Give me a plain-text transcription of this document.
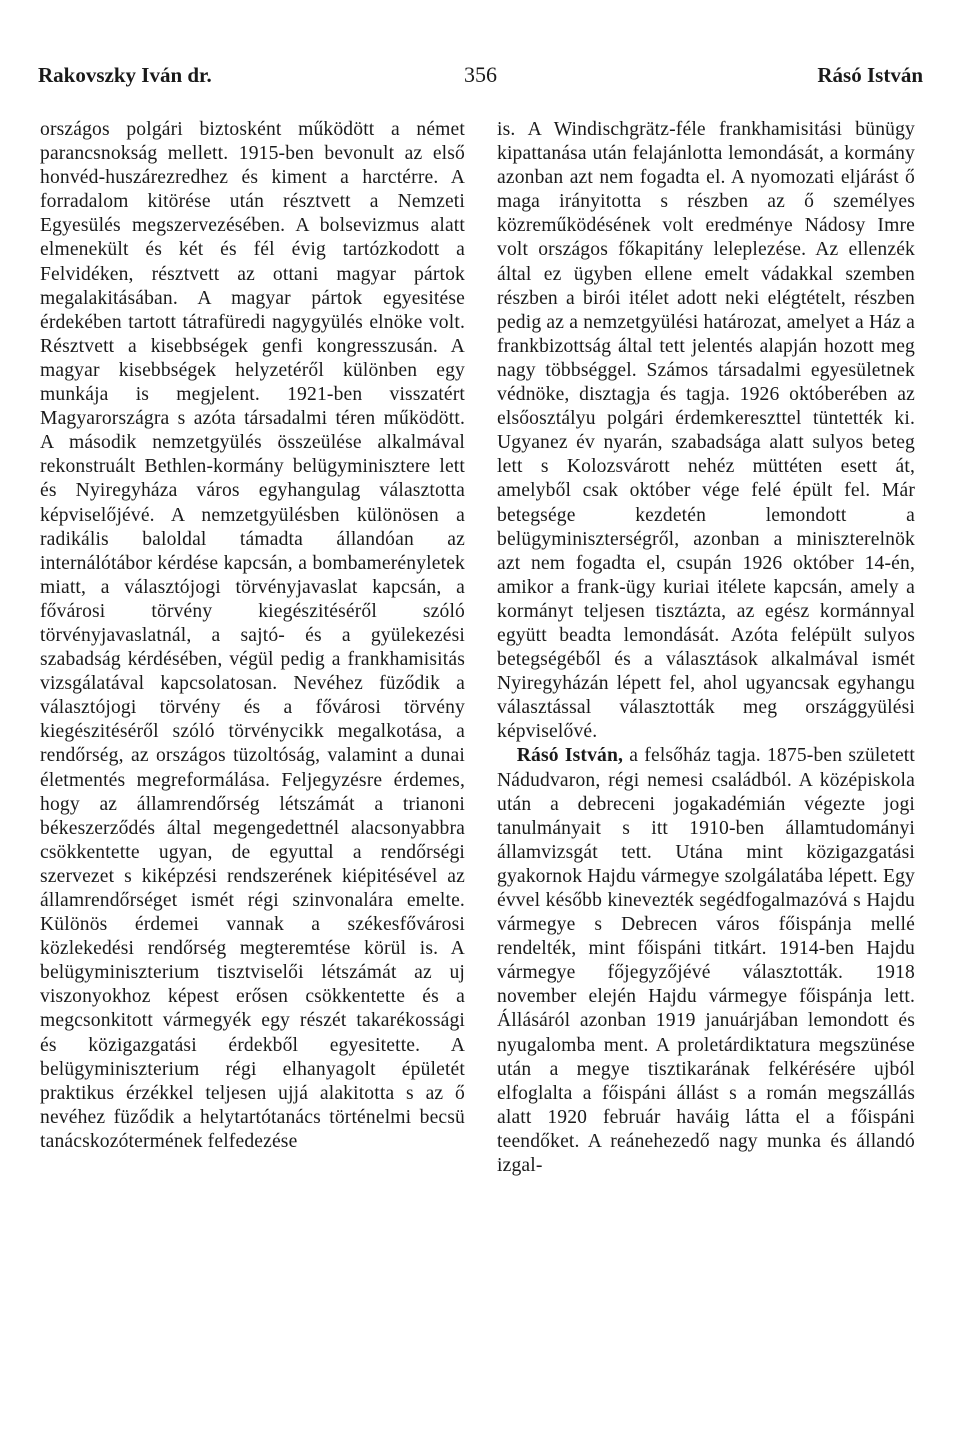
Rakovszky Iván dr.	356	Rásó István

országos polgári biztosként működött a német parancsnokság mellett. 1915-ben bevonult az első honvéd-huszárezredhez és kiment a harctérre. A forradalom kitörése után résztvett a Nemzeti Egyesülés megszervezésében. A bolsevizmus alatt elmenekült és két és fél évig tartózkodott a Felvidéken, résztvett az ottani magyar pártok megalakitásában. A magyar pártok egyesitése érdekében tartott tátrafüredi nagygyülés elnöke volt. Résztvett a kisebbségek genfi kongresszusán. A magyar kisebbségek helyzetéről különben egy munkája is megjelent. 1921-ben visszatért Magyarországra s azóta társadalmi téren működött. A második nemzetgyülés összeülése alkalmával rekonstruált Bethlen-kormány belügyminisztere lett és Nyiregyháza város egyhangulag választotta képviselőjévé. A nemzetgyülésben különösen a radikális baloldal támadta állandóan az internálótábor kérdése kapcsán, a bombamerényletek miatt, a választójogi törvényjavaslat kapcsán, a fővárosi törvény kiegészitéséről szóló törvényjavaslatnál, a sajtó- és a gyülekezési szabadság kérdésében, végül pedig a frankhamisitás vizsgálatával kapcsolatosan. Nevéhez füződik a választójogi törvény és a fővárosi törvény kiegészitéséről szóló törvénycikk megalkotása, a rendőrség, az országos tüzoltóság, valamint a dunai életmentés megreformálása. Feljegyzésre érdemes, hogy az államrendőrség létszámát a trianoni békeszerződés által megengedettnél alacsonyabbra csökkentette ugyan, de egyuttal a rendőrségi szervezet s kiképzési rendszerének kiépitésével az államrendőrséget ismét régi szinvonalára emelte. Különös érdemei vannak a székesfővárosi közlekedési rendőrség megteremtése körül is. A belügyminiszterium tisztviselői létszámát az uj viszonyokhoz képest erősen csökkentette és a megcsonkitott vármegyék egy részét takarékossági és közigazgatási érdekből egyesitette. A belügyminiszterium régi elhanyagolt épületét praktikus érzékkel teljesen ujjá alakitotta s az ő nevéhez füződik a helytartótanács történelmi becsü tanácskozótermének felfedezése

is. A Windischgrätz-féle frankhamisitási bünügy kipattanása után felajánlotta lemondását, a kormány azonban azt nem fogadta el. A nyomozati eljárást ő maga irányitotta s részben az ő személyes közreműködésének volt eredménye Nádosy Imre volt országos főkapitány leleplezése. Az ellenzék által ez ügyben ellene emelt vádakkal szemben részben a birói itélet adott neki elégtételt, részben pedig az a nemzetgyülési határozat, amelyet a Ház a frankbizottság által tett jelentés alapján hozott meg nagy többséggel. Számos társadalmi egyesületnek védnöke, disztagja és tagja. 1926 októberében az elsőosztályu polgári érdemkereszttel tüntették ki. Ugyanez év nyarán, szabadsága alatt sulyos beteg lett s Kolozsvárott nehéz müttéten esett át, amelyből csak október vége felé épült fel. Már betegsége kezdetén lemondott a belügyminiszterségről, azonban a miniszterelnök azt nem fogadta el, csupán 1926 október 14-én, amikor a frank-ügy kuriai itélete kapcsán, amely a kormányt teljesen tisztázta, az egész kormánnyal együtt beadta lemondását. Azóta felépült sulyos betegségéből és a választások alkalmával ismét Nyiregyházán lépett fel, ahol ugyancsak egyhangu választással választották meg országgyülési képviselővé.
 Rásó István, a felsőház tagja. 1875-ben született Nádudvaron, régi nemesi családból. A középiskola után a debreceni jogakadémián végezte jogi tanulmányait s itt 1910-ben államtudományi államvizsgát tett. Utána mint közigazgatási gyakornok Hajdu vármegye szolgálatába lépett. Egy évvel később kinevezték segédfogalmazóvá s Hajdu vármegye s Debrecen város főispánja mellé rendelték, mint főispáni titkárt. 1914-ben Hajdu vármegye főjegyzőjévé választották. 1918 november elején Hajdu vármegye főispánja lett. Állásáról azonban 1919 januárjában lemondott és nyugalomba ment. A proletárdiktatura megszünése után a megye tisztikarának felkérésére ujból elfoglalta a főispáni állást s a román megszállás alatt 1920 február haváig látta el a főispáni teendőket. A reánehezedő nagy munka és állandó izgal-
